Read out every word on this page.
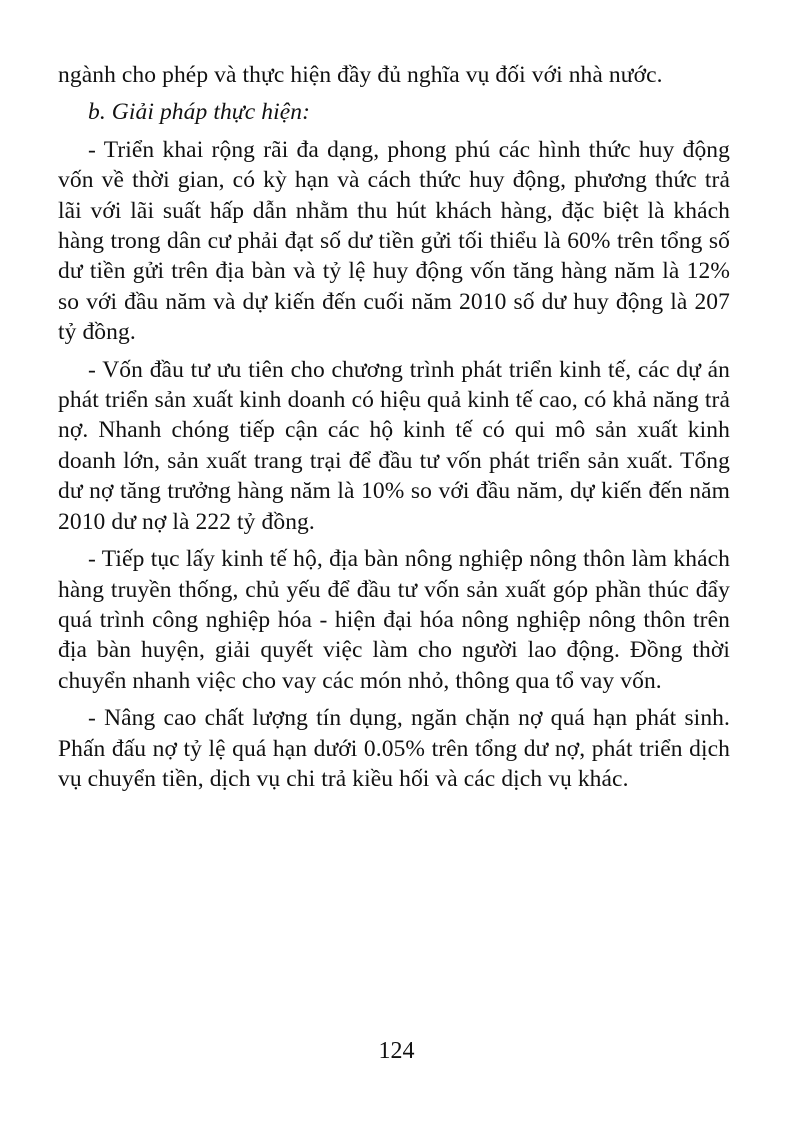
ngành cho phép và thực hiện đầy đủ nghĩa vụ đối với nhà nước.

b. Giải pháp thực hiện:

- Triển khai rộng rãi đa dạng, phong phú các hình thức huy động vốn về thời gian, có kỳ hạn và cách thức huy động, phương thức trả lãi với lãi suất hấp dẫn nhằm thu hút khách hàng, đặc biệt là khách hàng trong dân cư phải đạt số dư tiền gửi tối thiểu là 60% trên tổng số dư tiền gửi trên địa bàn và tỷ lệ huy động vốn tăng hàng năm là 12% so với đầu năm và dự kiến đến cuối năm 2010 số dư huy động là 207 tỷ đồng.

- Vốn đầu tư ưu tiên cho chương trình phát triển kinh tế, các dự án phát triển sản xuất kinh doanh có hiệu quả kinh tế cao, có khả năng trả nợ. Nhanh chóng tiếp cận các hộ kinh tế có qui mô sản xuất kinh doanh lớn, sản xuất trang trại để đầu tư vốn phát triển sản xuất. Tổng dư nợ tăng trưởng hàng năm là 10% so với đầu năm, dự kiến đến năm 2010 dư nợ là 222 tỷ đồng.

- Tiếp tục lấy kinh tế hộ, địa bàn nông nghiệp nông thôn làm khách hàng truyền thống, chủ yếu để đầu tư vốn sản xuất góp phần thúc đẩy quá trình công nghiệp hóa - hiện đại hóa nông nghiệp nông thôn trên địa bàn huyện, giải quyết việc làm cho người lao động. Đồng thời chuyển nhanh việc cho vay các món nhỏ, thông qua tổ vay vốn.

- Nâng cao chất lượng tín dụng, ngăn chặn nợ quá hạn phát sinh. Phấn đấu nợ tỷ lệ quá hạn dưới 0.05% trên tổng dư nợ, phát triển dịch vụ chuyển tiền, dịch vụ chi trả kiều hối và các dịch vụ khác.

124
